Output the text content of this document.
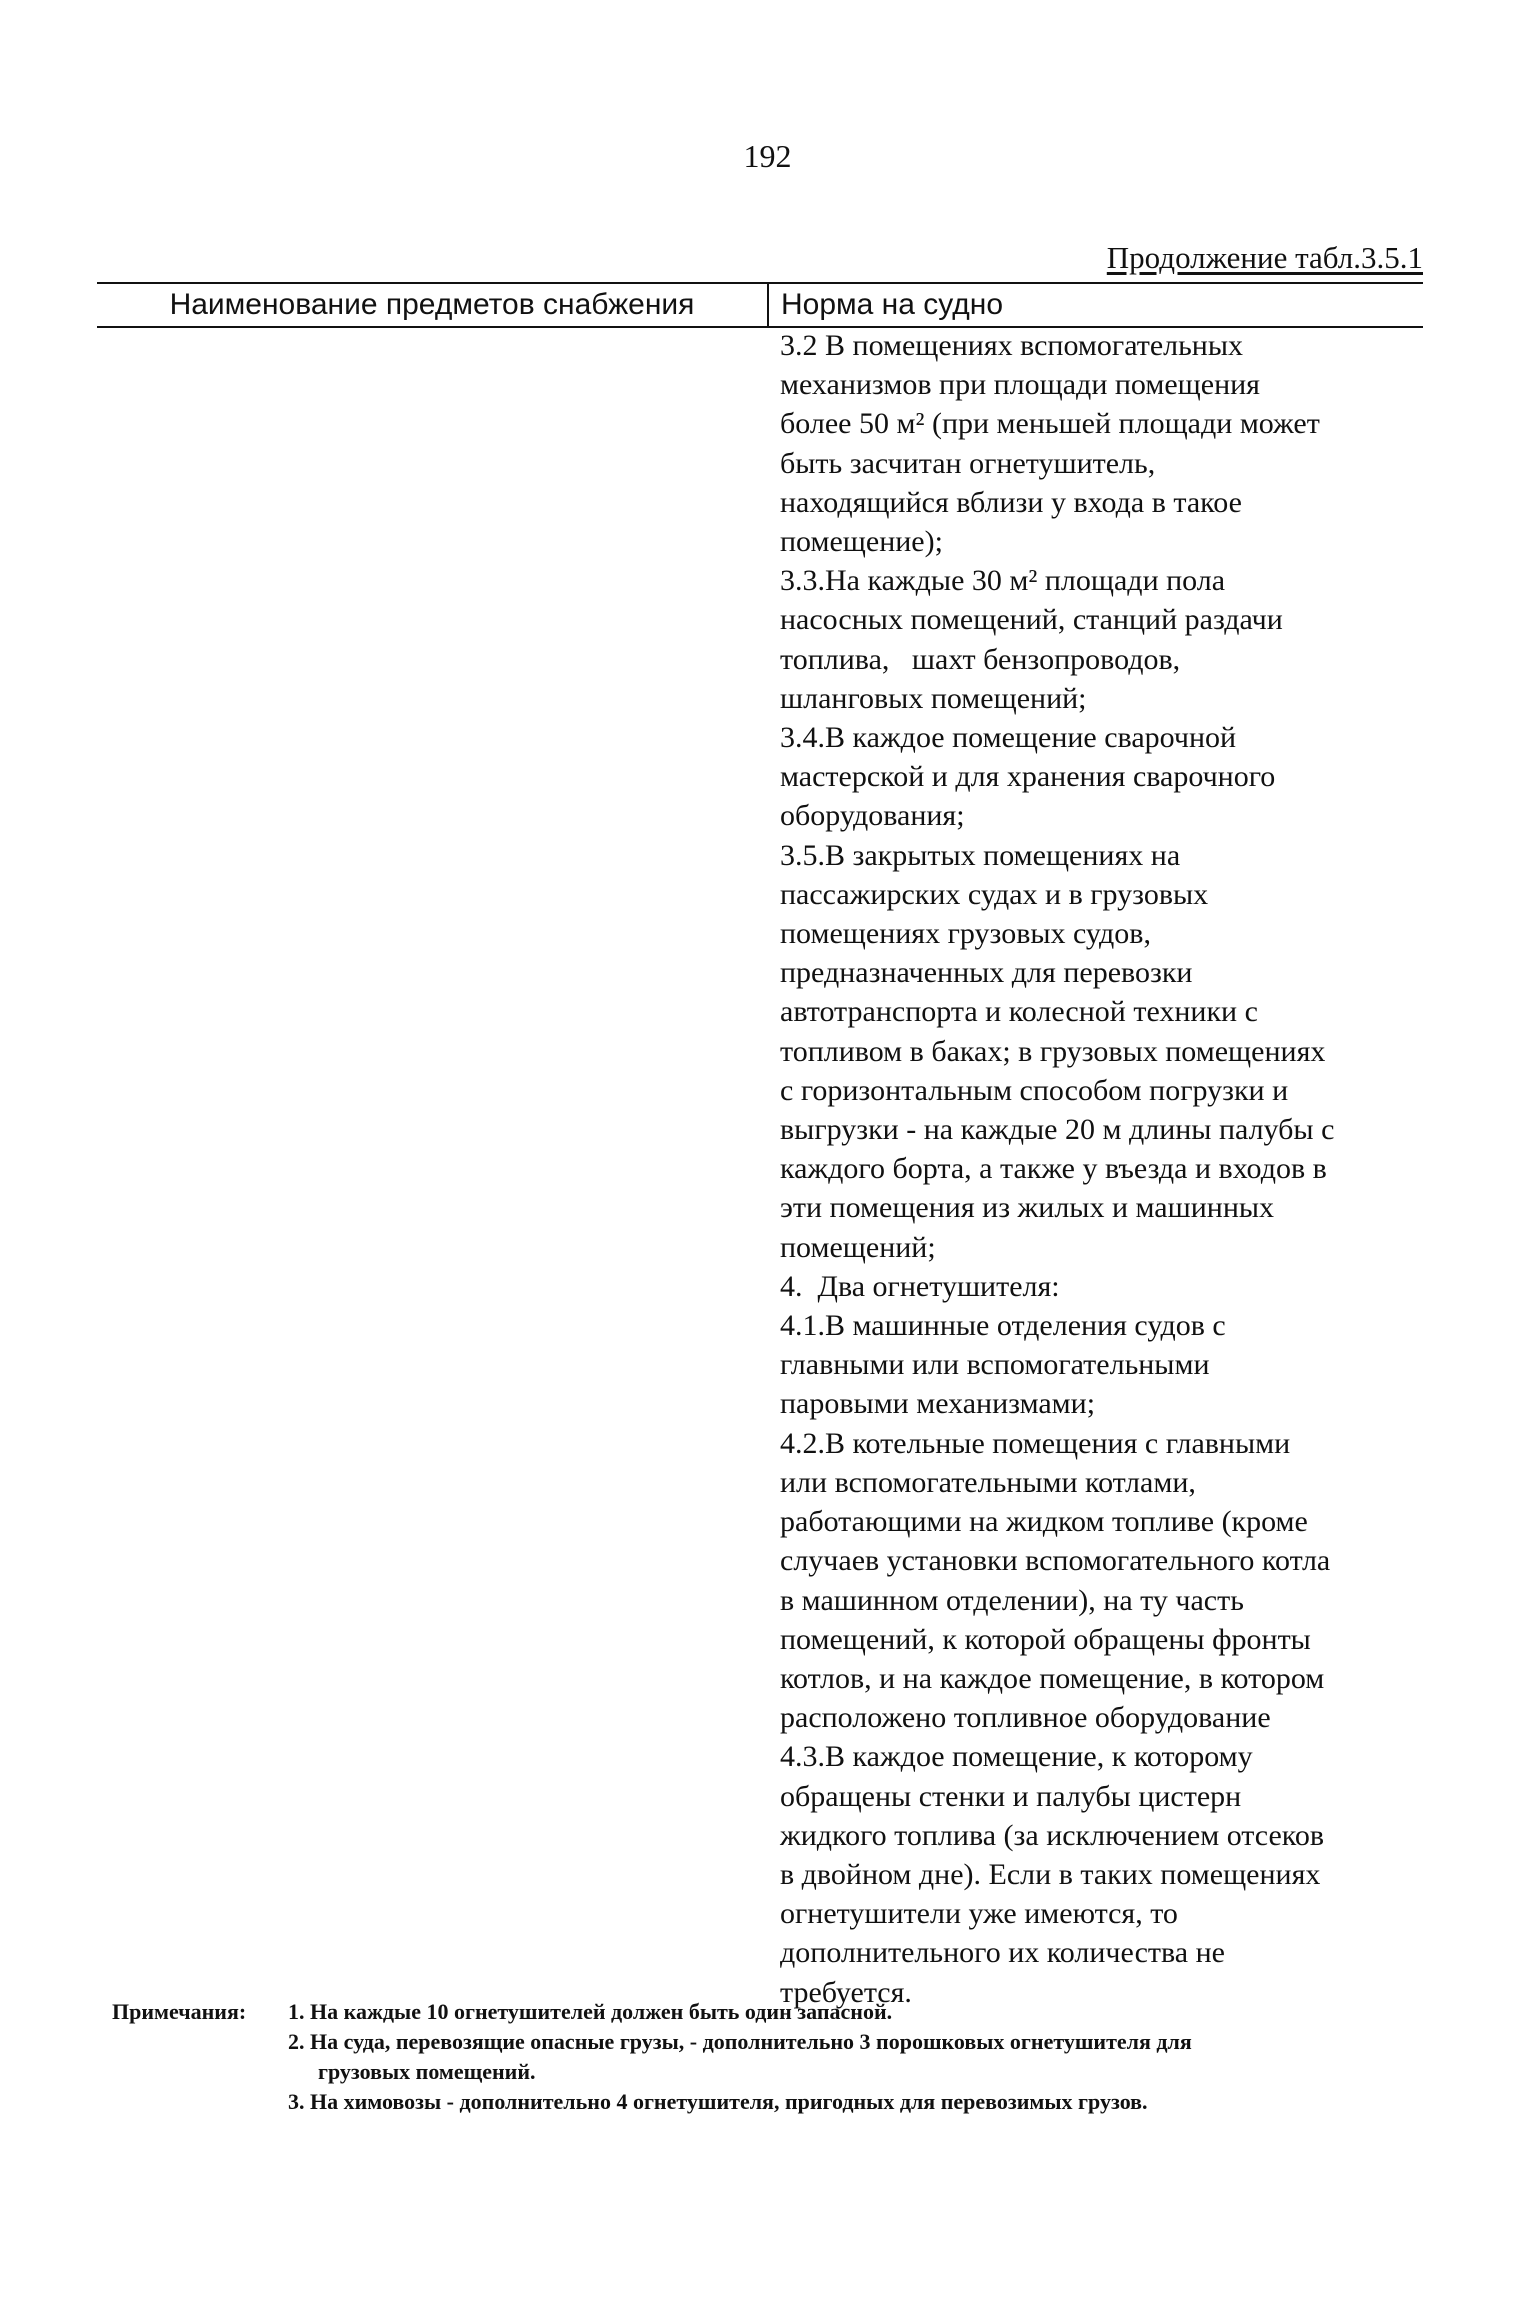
192
Продолжение табл.3.5.1
Наименование предметов снабжения	Норма на судно
3.2 В помещениях вспомогательных
механизмов при площади помещения
более 50 м² (при меньшей площади может
быть засчитан огнетушитель,
находящийся вблизи у входа в такое
помещение);
3.3.На каждые 30 м² площади пола
насосных помещений, станций раздачи
топлива,   шахт бензопроводов,
шланговых помещений;
3.4.В каждое помещение сварочной
мастерской и для хранения сварочного
оборудования;
3.5.В закрытых помещениях на
пассажирских судах и в грузовых
помещениях грузовых судов,
предназначенных для перевозки
автотранспорта и колесной техники с
топливом в баках; в грузовых помещениях
с горизонтальным способом погрузки и
выгрузки - на каждые 20 м длины палубы с
каждого борта, а также у въезда и входов в
эти помещения из жилых и машинных
помещений;
4.  Два огнетушителя:
4.1.В машинные отделения судов с
главными или вспомогательными
паровыми механизмами;
4.2.В котельные помещения с главными
или вспомогательными котлами,
работающими на жидком топливе (кроме
случаев установки вспомогательного котла
в машинном отделении), на ту часть
помещений, к которой обращены фронты
котлов, и на каждое помещение, в котором
расположено топливное оборудование
4.3.В каждое помещение, к которому
обращены стенки и палубы цистерн
жидкого топлива (за исключением отсеков
в двойном дне). Если в таких помещениях
огнетушители уже имеются, то
дополнительного их количества не
требуется.
Примечания:	1. На каждые 10 огнетушителей должен быть один запасной.
2. На суда, перевозящие опасные грузы, - дополнительно 3 порошковых огнетушителя для
грузовых помещений.
3. На химовозы - дополнительно 4 огнетушителя, пригодных для перевозимых грузов.
